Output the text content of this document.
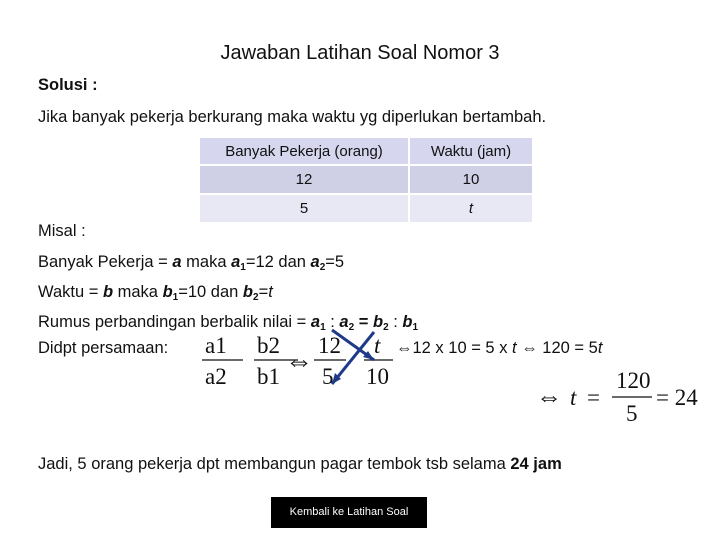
Jawaban Latihan Soal Nomor 3
Solusi :
Jika banyak pekerja berkurang maka waktu yg diperlukan bertambah.
Banyak Pekerja (orang)	Waktu (jam)
12	10
5	t
Misal :
Banyak Pekerja = a maka $a_1=12$ dan $a_2=5$
Waktu = b maka $b_1=10$ dan $b_2=t$
Rumus perbandingan berbalik nilai = $a_1$ : $a_2 = b_2$ : $b_1$
Didpt persamaan: a1
a2
b2
b1 ⇔
12
5
t
10
⇔12 x 10 = 5 x t ⇔ 120 = 5t
⇔ t =
120
5
= 24
Jadi, 5 orang pekerja dpt membangun pagar tembok tsb selama 24 jam
Kembali ke Latihan Soal
